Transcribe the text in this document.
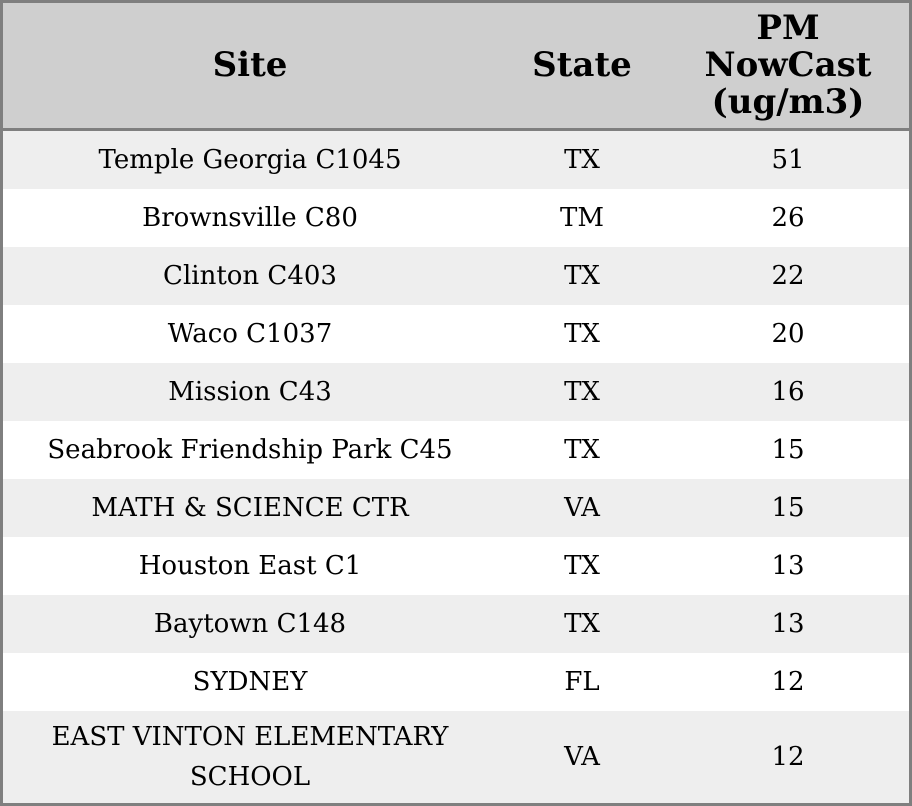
Site	State	PM NowCast (ug/m3)
Temple Georgia C1045	TX	51
Brownsville C80	TM	26
Clinton C403	TX	22
Waco C1037	TX	20
Mission C43	TX	16
Seabrook Friendship Park C45	TX	15
MATH & SCIENCE CTR	VA	15
Houston East C1	TX	13
Baytown C148	TX	13
SYDNEY	FL	12
EAST VINTON ELEMENTARY SCHOOL	VA	12
